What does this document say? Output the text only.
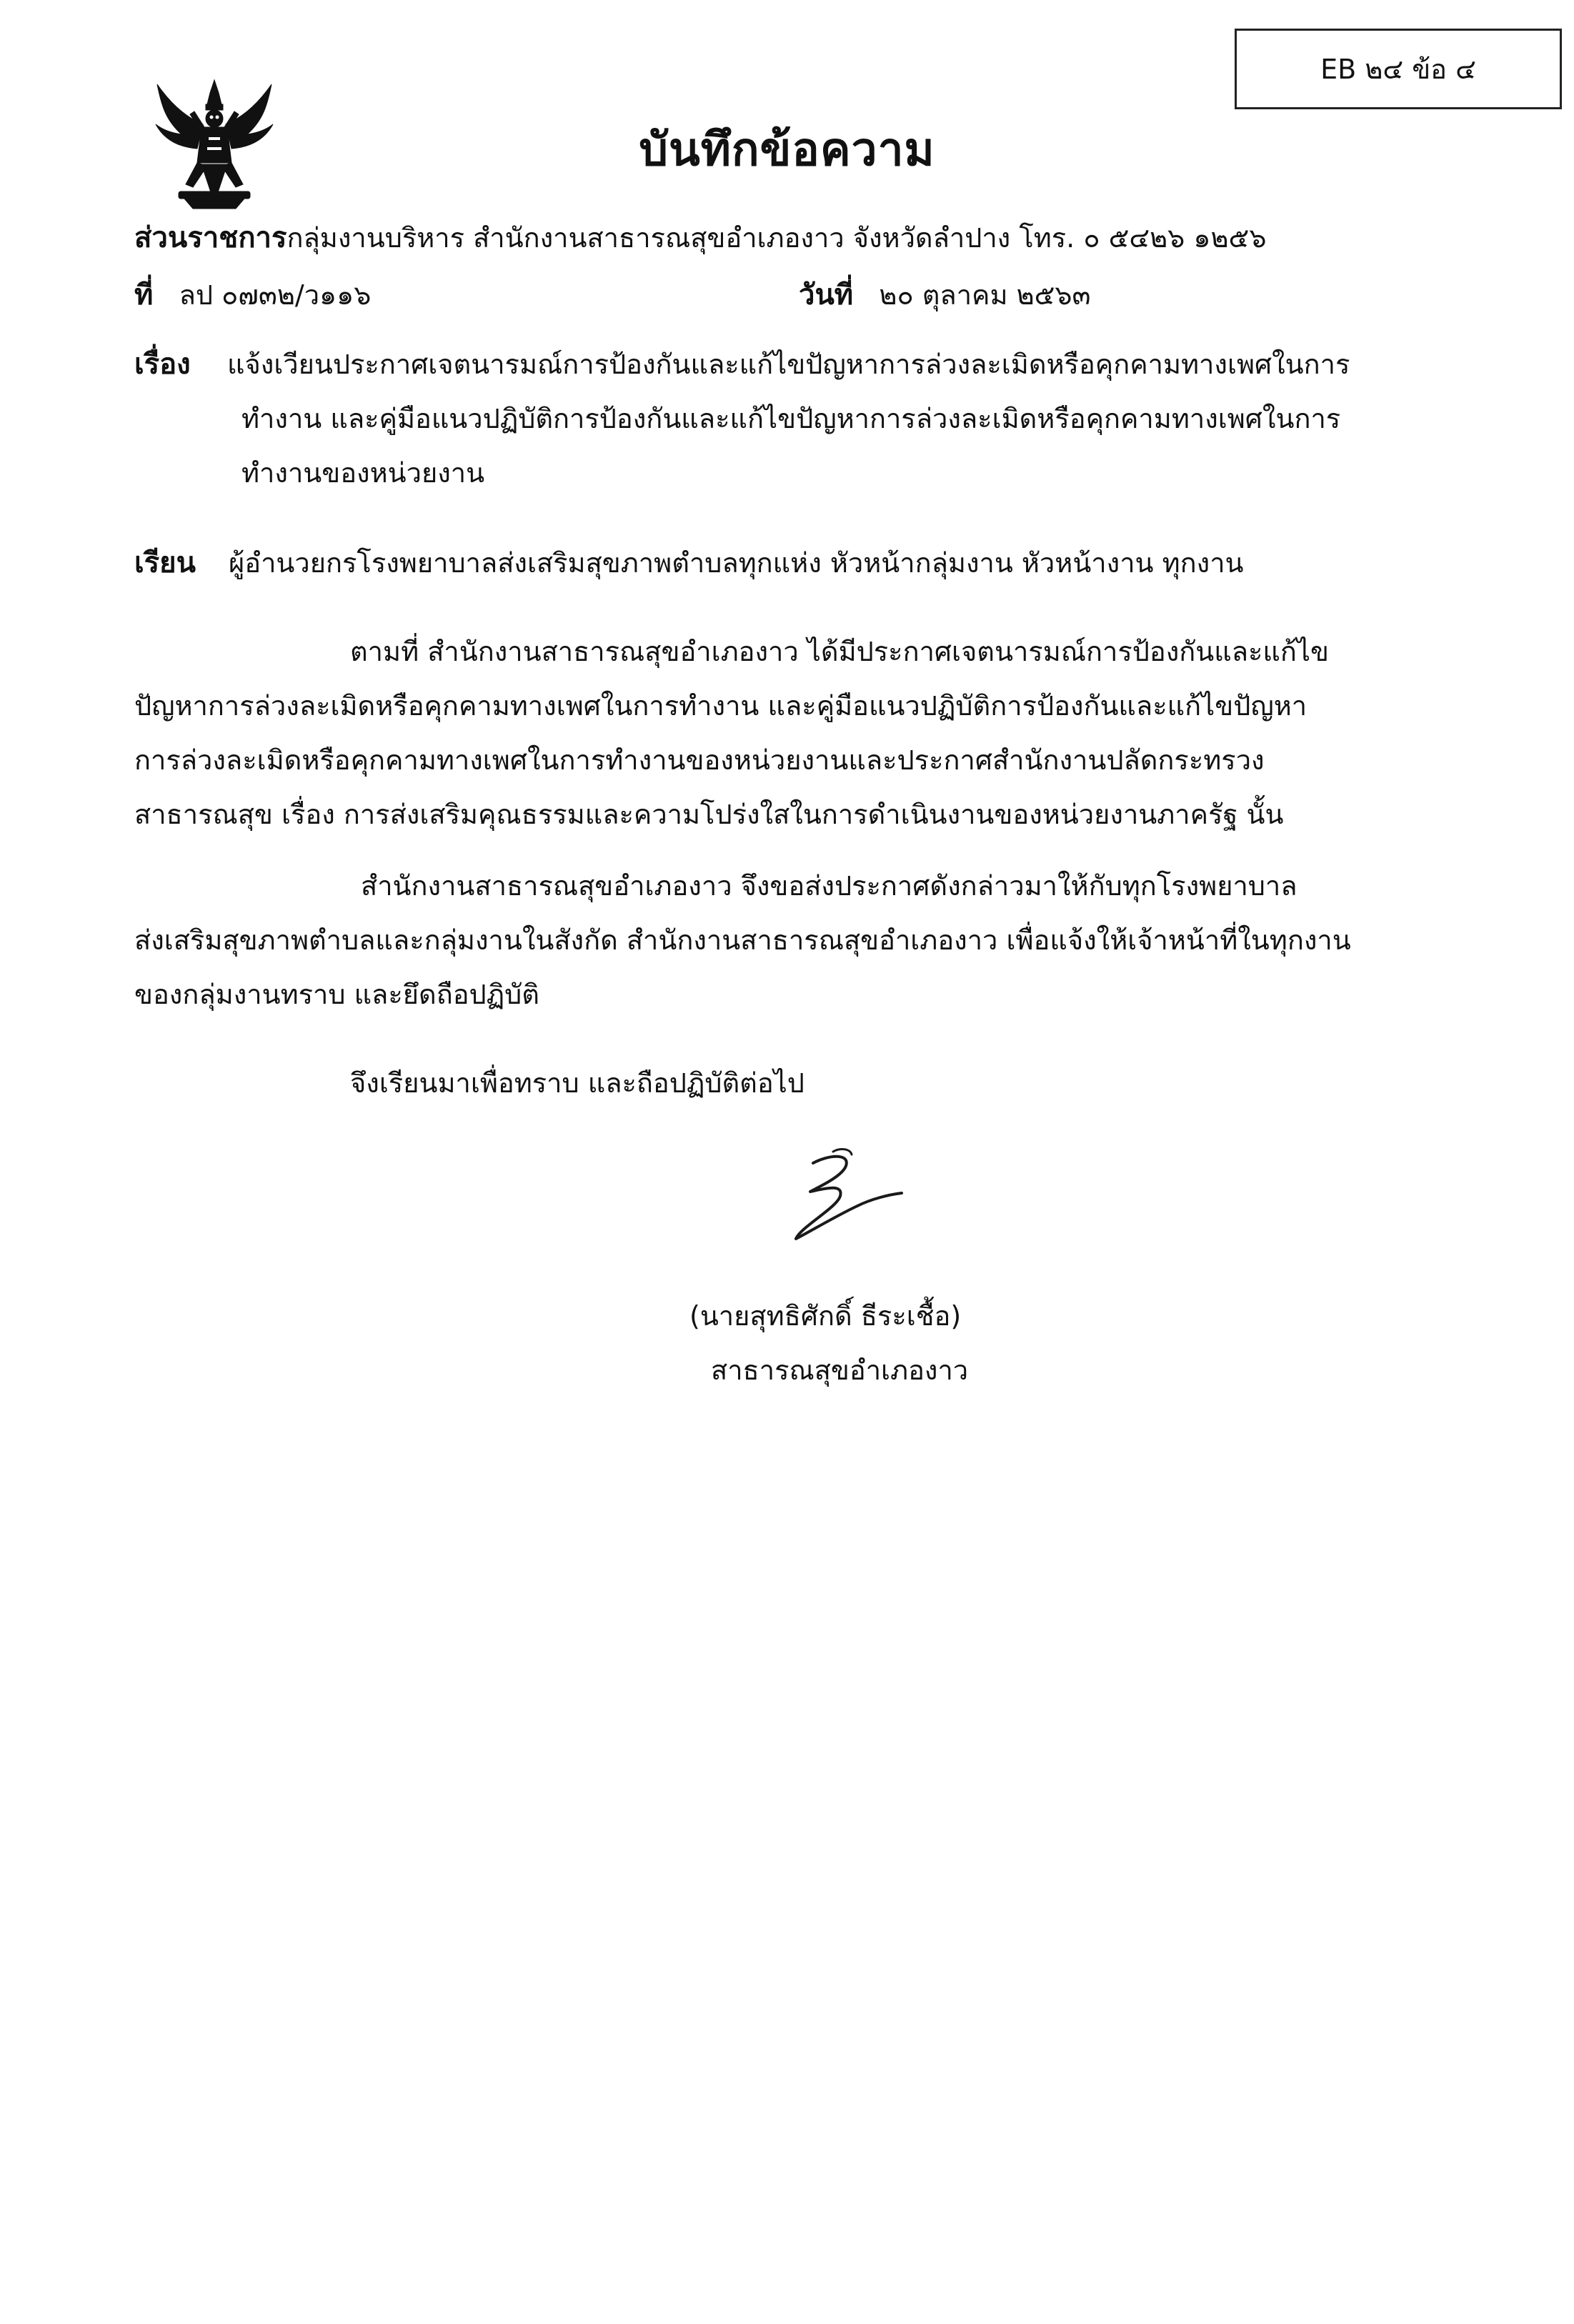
EB ๒๔ ข้อ ๔
บันทึกข้อความ
ส่วนราชการกลุ่มงานบริหาร สำนักงานสาธารณสุขอำเภองาว จังหวัดลำปาง โทร. ๐ ๕๔๒๖ ๑๒๕๖
ที่ ลป ๐๗๓๒/ว๑๑๖	วันที่ ๒๐ ตุลาคม ๒๕๖๓
เรื่อง แจ้งเวียนประกาศเจตนารมณ์การป้องกันและแก้ไขปัญหาการล่วงละเมิดหรือคุกคามทางเพศในการ
ทำงาน และคู่มือแนวปฏิบัติการป้องกันและแก้ไขปัญหาการล่วงละเมิดหรือคุกคามทางเพศในการ
ทำงานของหน่วยงาน
เรียน ผู้อำนวยกรโรงพยาบาลส่งเสริมสุขภาพตำบลทุกแห่ง หัวหน้ากลุ่มงาน หัวหน้างาน ทุกงาน
ตามที่ สำนักงานสาธารณสุขอำเภองาว ได้มีประกาศเจตนารมณ์การป้องกันและแก้ไข
ปัญหาการล่วงละเมิดหรือคุกคามทางเพศในการทำงาน และคู่มือแนวปฏิบัติการป้องกันและแก้ไขปัญหา
การล่วงละเมิดหรือคุกคามทางเพศในการทำงานของหน่วยงานและประกาศสำนักงานปลัดกระทรวง
สาธารณสุข เรื่อง การส่งเสริมคุณธรรมและความโปร่งใสในการดำเนินงานของหน่วยงานภาครัฐ นั้น
สำนักงานสาธารณสุขอำเภองาว จึงขอส่งประกาศดังกล่าวมาให้กับทุกโรงพยาบาล
ส่งเสริมสุขภาพตำบลและกลุ่มงานในสังกัด สำนักงานสาธารณสุขอำเภองาว เพื่อแจ้งให้เจ้าหน้าที่ในทุกงาน
ของกลุ่มงานทราบ และยึดถือปฏิบัติ
จึงเรียนมาเพื่อทราบ และถือปฏิบัติต่อไป
(นายสุทธิศักดิ์ ธีระเชื้อ)
สาธารณสุขอำเภองาว
